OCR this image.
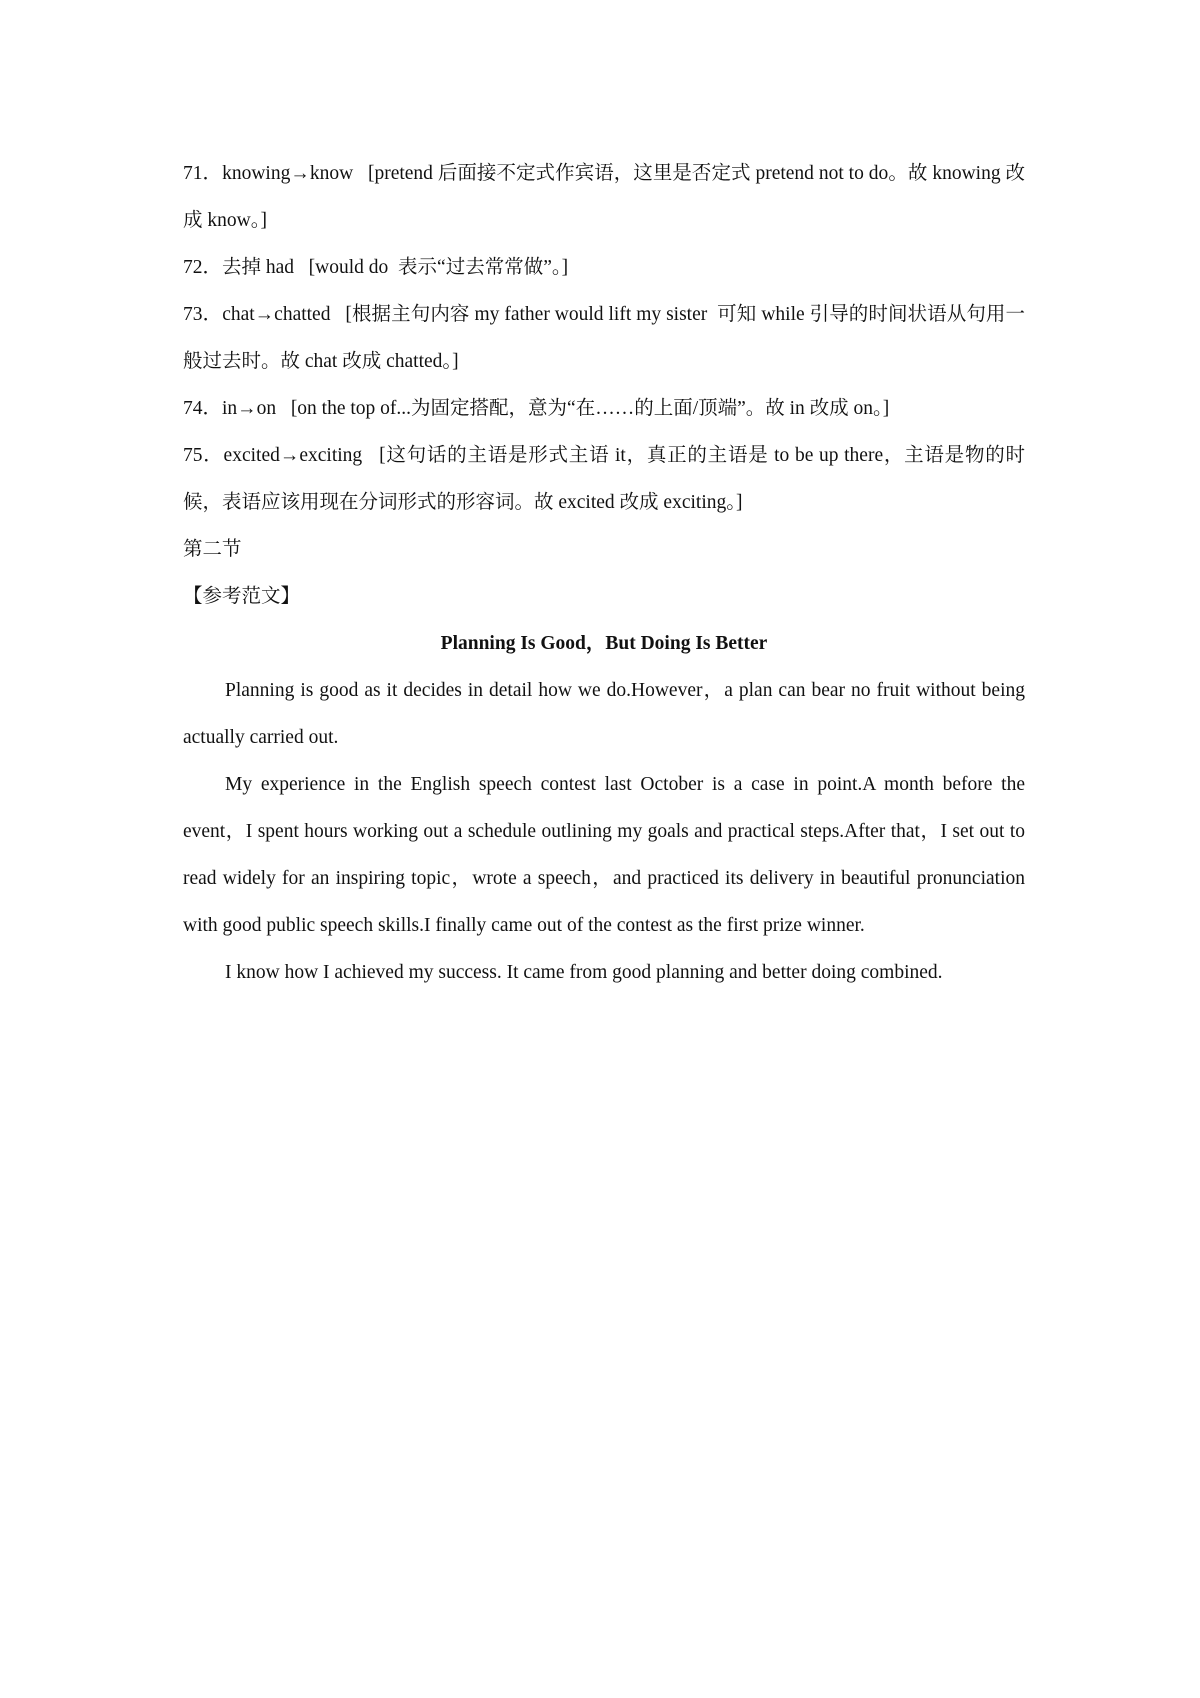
71．knowing→know [pretend 后面接不定式作宾语，这里是否定式 pretend not to do。故 knowing 改成 know。]
72．去掉 had [would do  表示“过去常常做”。]
73．chat→chatted [根据主句内容 my father would lift my sister  可知 while 引导的时间状语从句用一般过去时。故 chat 改成 chatted。]
74．in→on [on the top of...为固定搭配，意为“在……的上面/顶端”。故 in 改成 on。]
75．excited→exciting [这句话的主语是形式主语 it，真正的主语是 to be up there，主语是物的时候，表语应该用现在分词形式的形容词。故 excited 改成 exciting。]
第二节
【参考范文】
Planning Is Good，But Doing Is Better
Planning is good as it decides in detail how we do.However，a plan can bear no fruit without being actually carried out.
My experience in the English speech contest last October is a case in point.A month before the event，I spent hours working out a schedule outlining my goals and practical steps.After that，I set out to read widely for an inspiring topic，wrote a speech，and practiced its delivery in beautiful pronunciation with good public speech skills.I finally came out of the contest as the first prize winner.
I know how I achieved my success. It came from good planning and better doing combined.
